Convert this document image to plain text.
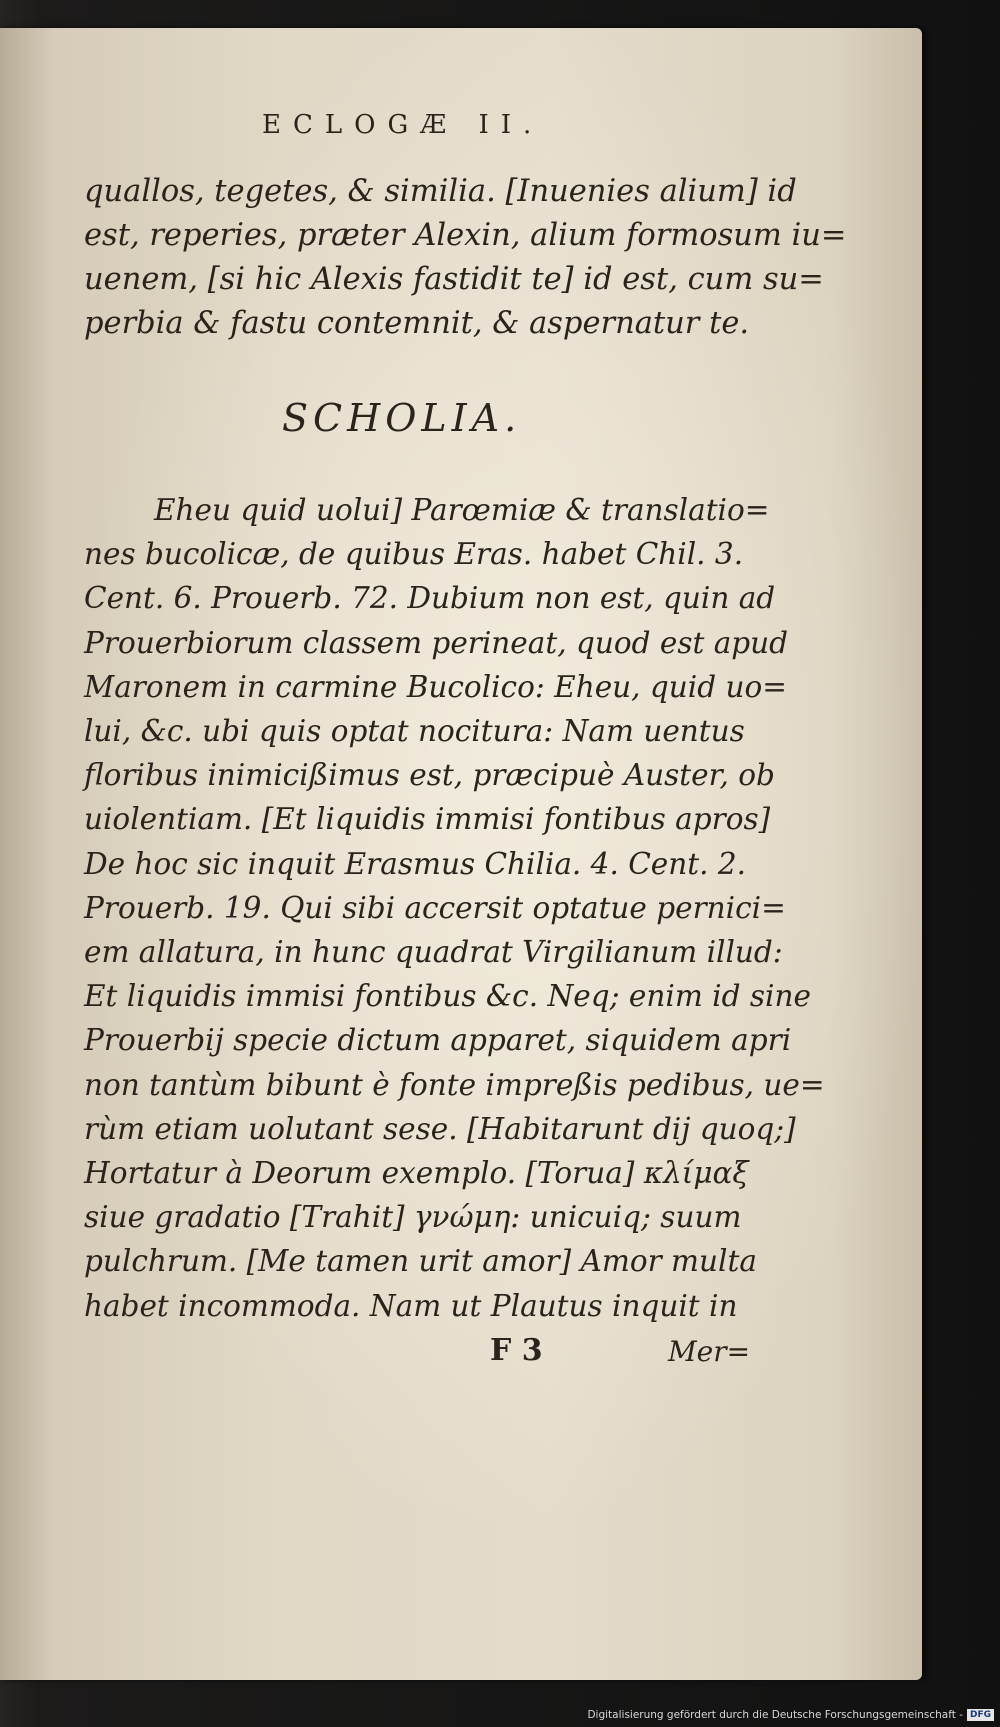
ECLOGÆ II.
quallos, tegetes, & similia. [Inuenies alium] id
est, reperies, præter Alexin, alium formosum iu=
uenem, [si hic Alexis fastidit te] id est, cum su=
perbia & fastu contemnit, & aspernatur te.
SCHOLIA.
Eheu quid uolui] Parœmiæ & translatio=
nes bucolicæ, de quibus Eras. habet Chil. 3.
Cent. 6. Prouerb. 72. Dubium non est, quin ad
Prouerbiorum classem perineat, quod est apud
Maronem in carmine Bucolico: Eheu, quid uo=
lui, &c. ubi quis optat nocitura: Nam uentus
floribus inimicißimus est, præcipuè Auster, ob
uiolentiam. [Et liquidis immisi fontibus apros]
De hoc sic inquit Erasmus Chilia. 4. Cent. 2.
Prouerb. 19. Qui sibi accersit optatue pernici=
em allatura, in hunc quadrat Virgilianum illud:
Et liquidis immisi fontibus &c. Neq; enim id sine
Prouerbij specie dictum apparet, siquidem apri
non tantùm bibunt è fonte impreßis pedibus, ue=
rùm etiam uolutant sese. [Habitarunt dij quoq;]
Hortatur à Deorum exemplo. [Torua] κλίμαξ
siue gradatio [Trahit] γνώμη: unicuiq; suum
pulchrum. [Me tamen urit amor] Amor multa
habet incommoda. Nam ut Plautus inquit in
F 3	Mer=
Digitalisierung gefördert durch die Deutsche Forschungsgemeinschaft - DFG
